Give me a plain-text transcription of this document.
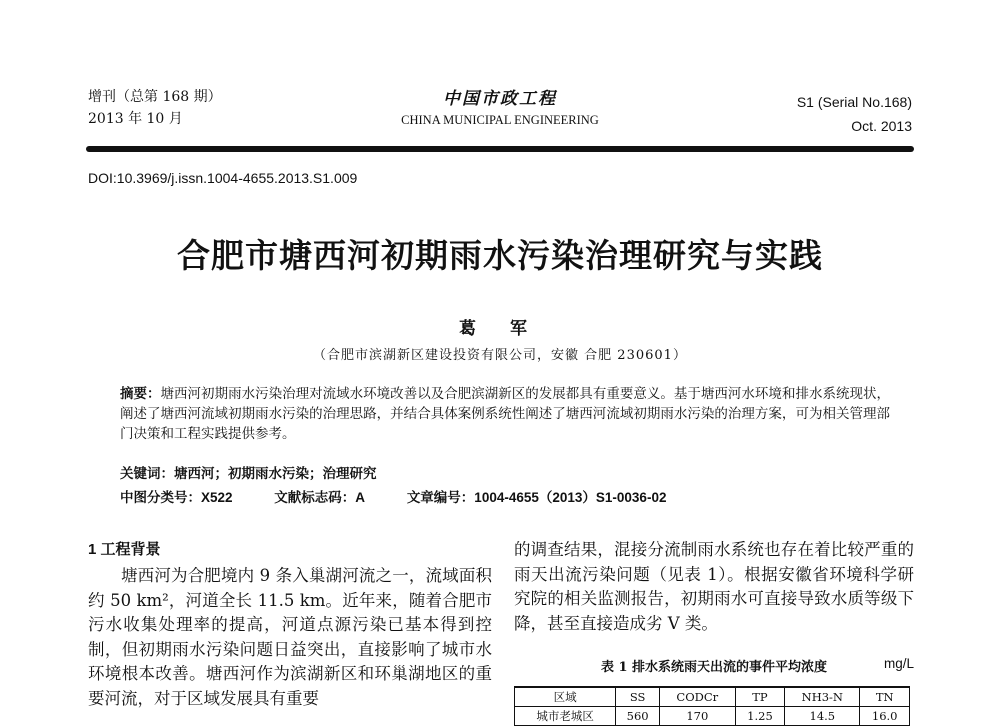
增刊（总第 168 期）
2013 年 10 月
中国市政工程
CHINA MUNICIPAL ENGINEERING
S1 (Serial No.168)
Oct. 2013
DOI:10.3969/j.issn.1004-4655.2013.S1.009
合肥市塘西河初期雨水污染治理研究与实践
葛 军
（合肥市滨湖新区建设投资有限公司，安徽 合肥 230601）
摘要：塘西河初期雨水污染治理对流域水环境改善以及合肥滨湖新区的发展都具有重要意义。基于塘西河水环境和排水系统现状，阐述了塘西河流域初期雨水污染的治理思路，并结合具体案例系统性阐述了塘西河流域初期雨水污染的治理方案，可为相关管理部门决策和工程实践提供参考。
关键词：塘西河；初期雨水污染；治理研究
中图分类号：X522	文献标志码：A	文章编号：1004-4655（2013）S1-0036-02
1 工程背景

塘西河为合肥境内 9 条入巢湖河流之一，流域面积约 50 km²，河道全长 11.5 km。近年来，随着合肥市污水收集处理率的提高，河道点源污染已基本得到控制，但初期雨水污染问题日益突出，直接影响了城市水环境根本改善。塘西河作为滨湖新区和环巢湖地区的重要河流，对于区域发展具有重要

的调查结果，混接分流制雨水系统也存在着比较严重的雨天出流污染问题（见表 1）。根据安徽省环境科学研究院的相关监测报告，初期雨水可直接导致水质等级下降，甚至直接造成劣 V 类。

表 1 排水系统雨天出流的事件平均浓度	mg/L
区域	SS	CODCr	TP	NH3-N	TN
城市老城区	560	170	1.25	14.5	16.0
